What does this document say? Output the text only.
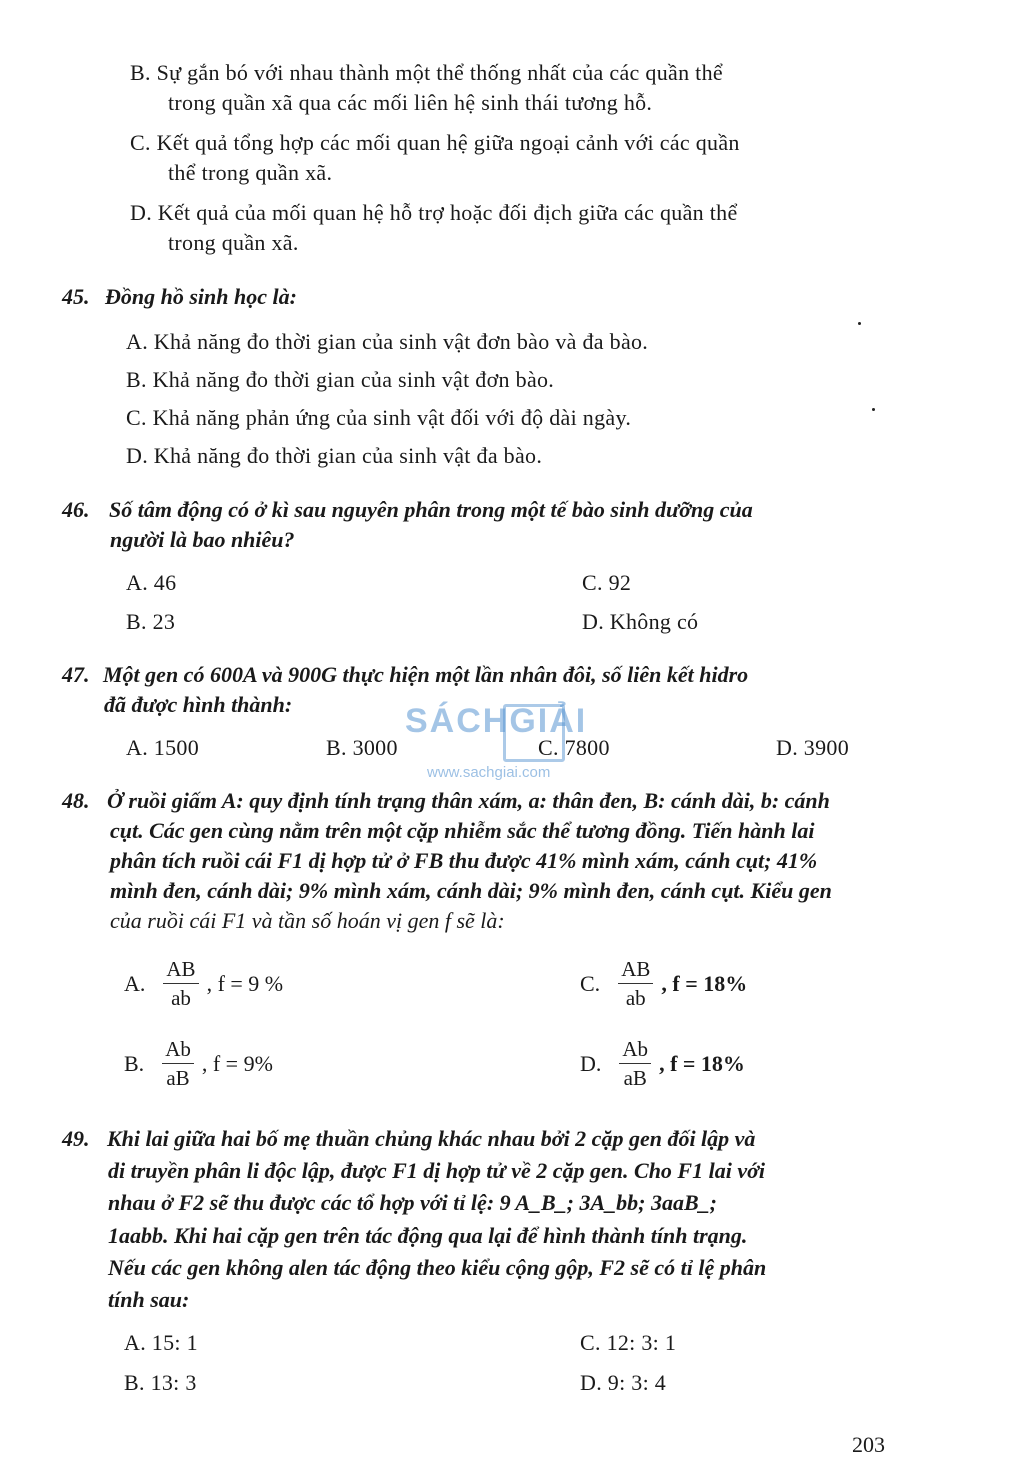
B. Sự gắn bó với nhau thành một thể thống nhất của các quần thể
trong quần xã qua các mối liên hệ sinh thái tương hỗ.
C. Kết quả tổng hợp các mối quan hệ giữa ngoại cảnh với các quần
thể trong quần xã.
D. Kết quả của mối quan hệ hỗ trợ hoặc đối địch giữa các quần thể
trong quần xã.
45. Đồng hồ sinh học là:
A. Khả năng đo thời gian của sinh vật đơn bào và đa bào.
B. Khả năng đo thời gian của sinh vật đơn bào.
C. Khả năng phản ứng của sinh vật đối với độ dài ngày.
D. Khả năng đo thời gian của sinh vật đa bào.
46. Số tâm động có ở kì sau nguyên phân trong một tế bào sinh dưỡng của
người là bao nhiêu?
A. 46
B. 23
C. 92
D. Không có
47. Một gen có 600A và 900G thực hiện một lần nhân đôi, số liên kết hidro
đã được hình thành:	SÁCHGIẢI
www.sachgiai.com
A. 1500	B. 3000	C. 7800	D. 3900
48. Ở ruồi giấm A: quy định tính trạng thân xám, a: thân đen, B: cánh dài, b: cánh
cụt. Các gen cùng nằm trên một cặp nhiễm sắc thể tương đồng. Tiến hành lai
phân tích ruồi cái F1 dị hợp tử ở FB thu được 41% mình xám, cánh cụt; 41%
mình đen, cánh dài; 9% mình xám, cánh dài; 9% mình đen, cánh cụt. Kiểu gen
của ruồi cái F1 và tần số hoán vị gen f sẽ là:
A. $\frac{AB}{ab}$ , f = 9 %
B. $\frac{Ab}{aB}$ , f = 9%
C. $\frac{AB}{ab}$ , f = 18%
D. $\frac{Ab}{aB}$ , f = 18%
49. Khi lai giữa hai bố mẹ thuần chủng khác nhau bởi 2 cặp gen đối lập và
di truyền phân li độc lập, được F1 dị hợp tử về 2 cặp gen. Cho F1 lai với
nhau ở F2 sẽ thu được các tổ hợp với tỉ lệ: 9 A_B_; 3A_bb; 3aaB_;
1aabb. Khi hai cặp gen trên tác động qua lại để hình thành tính trạng.
Nếu các gen không alen tác động theo kiểu cộng gộp, F2 sẽ có tỉ lệ phân
tính sau:
A. 15: 1
B. 13: 3
C. 12: 3: 1
D. 9: 3: 4
203
